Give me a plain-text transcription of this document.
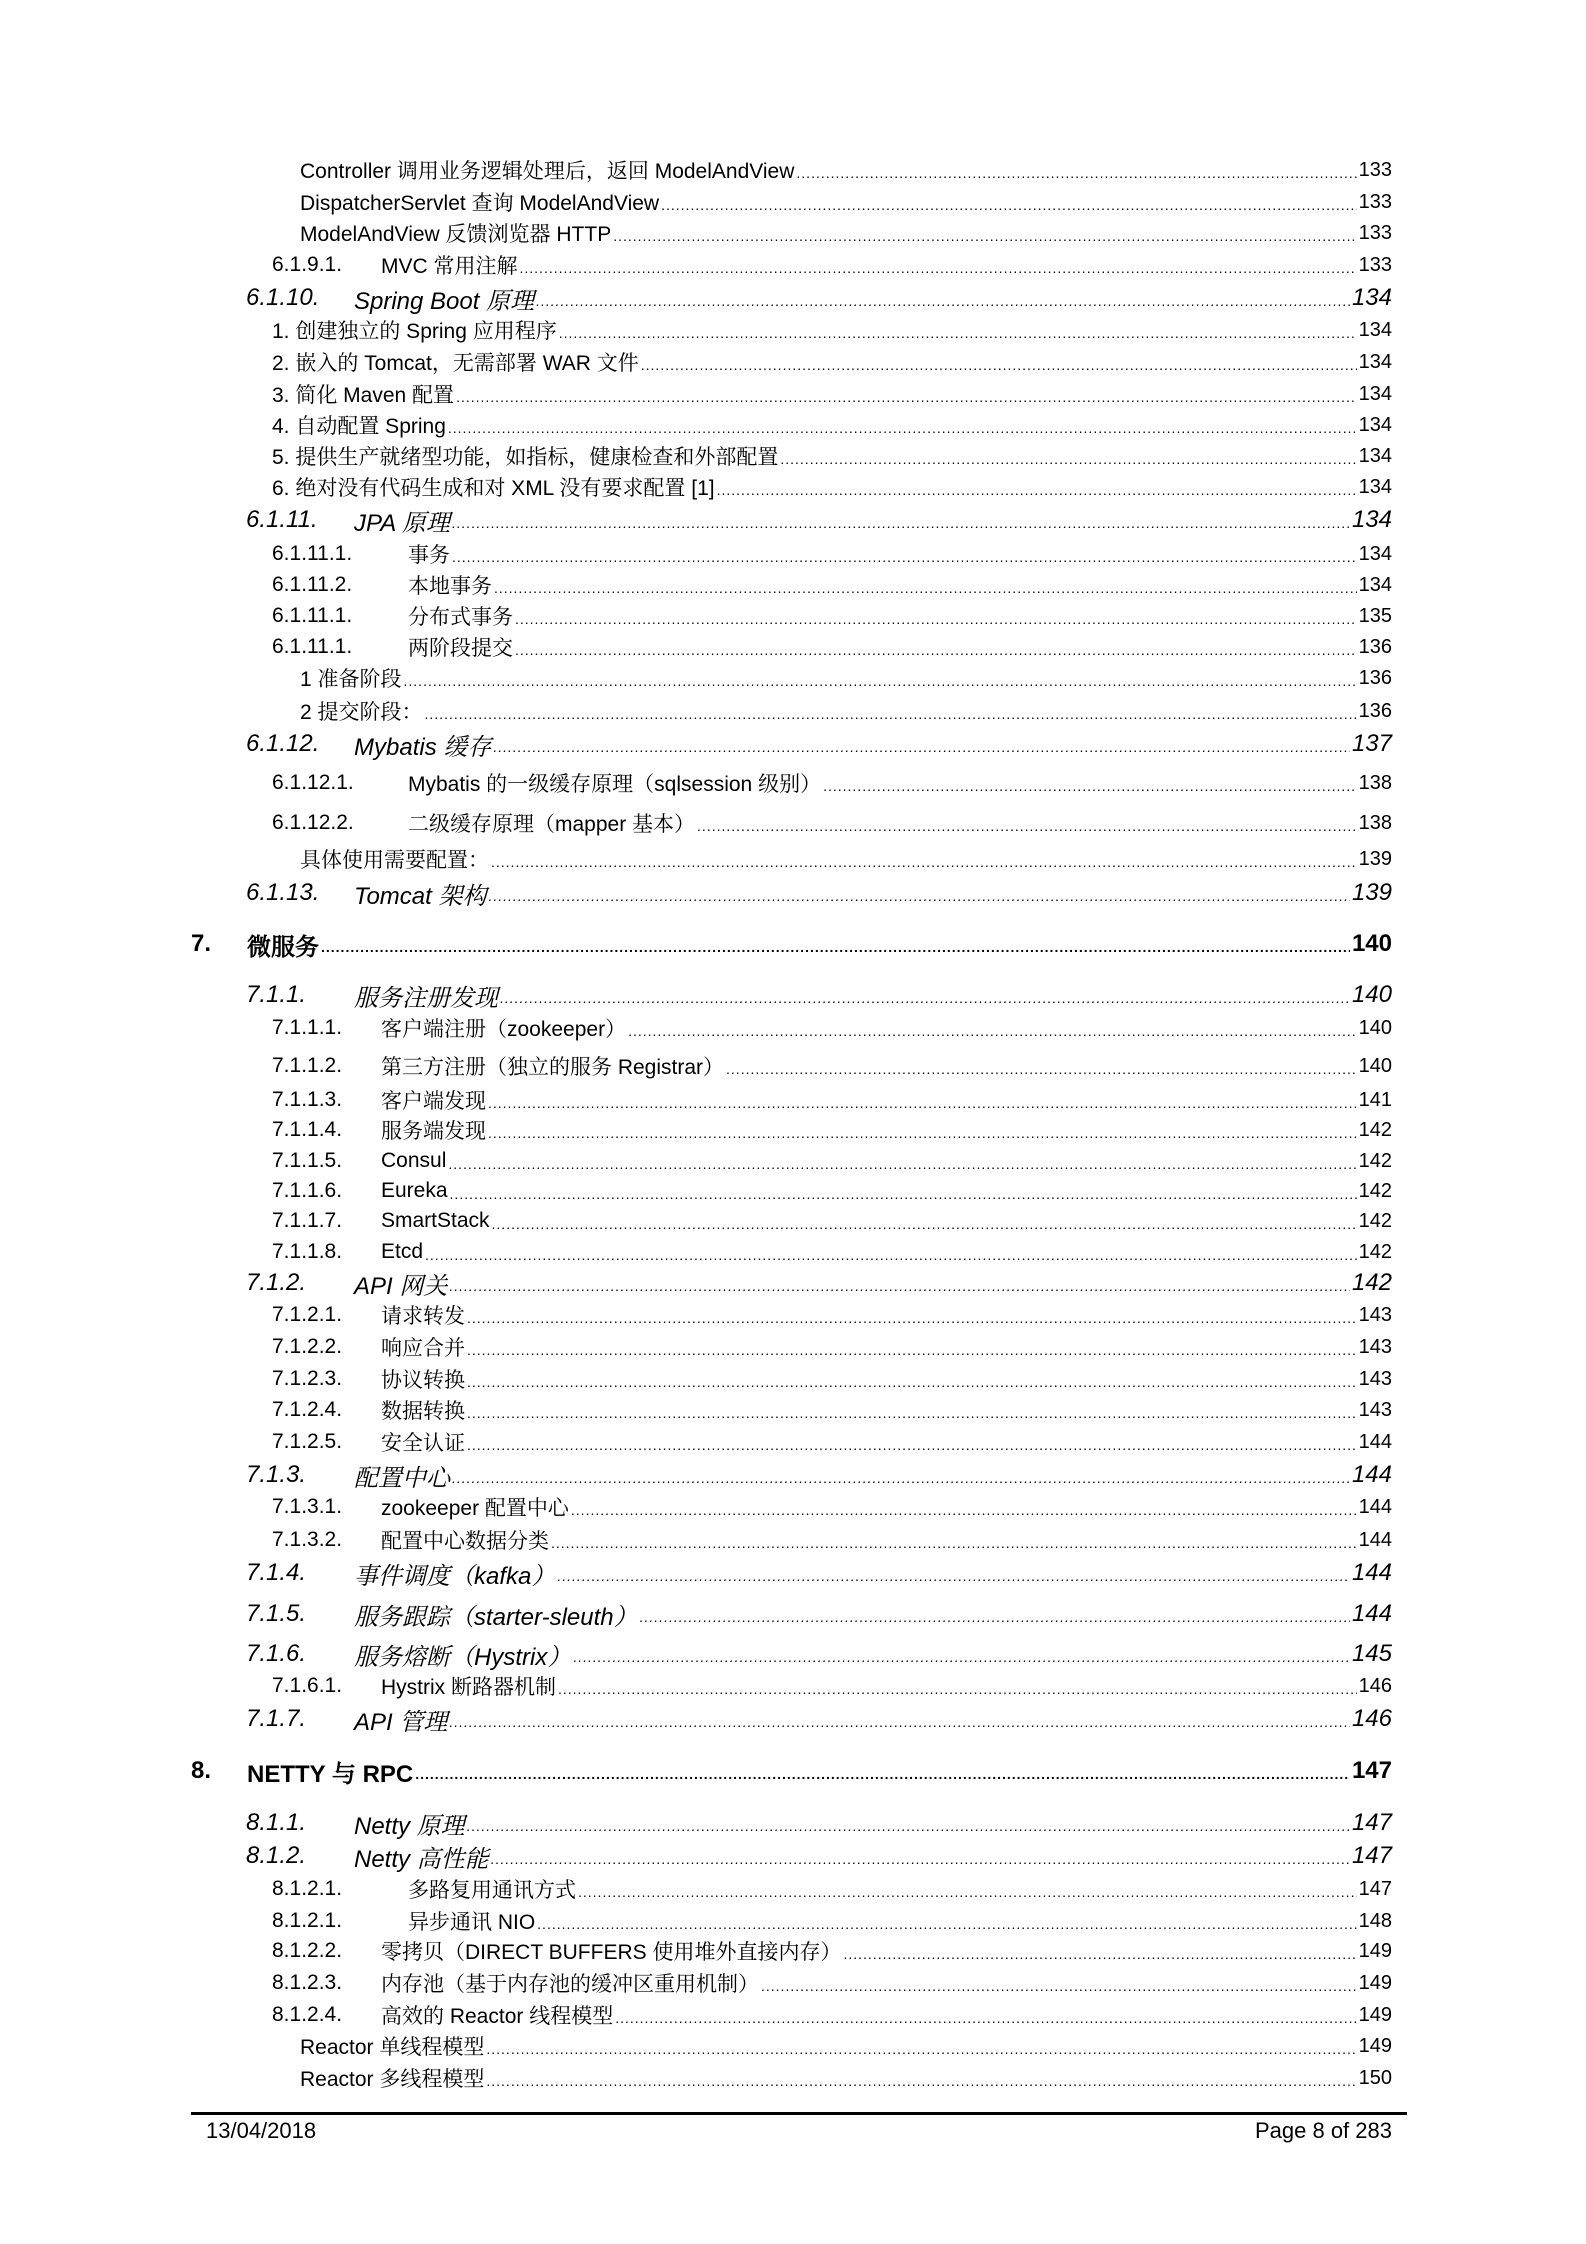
Controller 调用业务逻辑处理后，返回 ModelAndView .....	133
DispatcherServlet 查询 ModelAndView .....	133
ModelAndView 反馈浏览器 HTTP .....	133
6.1.9.1. MVC 常用注解 .....	133
6.1.10. Spring Boot 原理 .....	134
1. 创建独立的 Spring 应用程序 .....	134
2. 嵌入的 Tomcat，无需部署 WAR 文件 .....	134
3. 简化 Maven 配置 .....	134
4. 自动配置 Spring .....	134
5. 提供生产就绪型功能，如指标，健康检查和外部配置 .....	134
6. 绝对没有代码生成和对 XML 没有要求配置 [1] .....	134
6.1.11. JPA 原理 .....	134
6.1.11.1.	事务 .....	134
6.1.11.2.	本地事务 .....	134
6.1.11.1.	分布式事务 .....	135
6.1.11.1.	两阶段提交 .....	136
1 准备阶段 .....	136
2 提交阶段： .....	136
6.1.12. Mybatis 缓存 .....	137
6.1.12.1.	Mybatis 的一级缓存原理（sqlsession 级别） .....	138
6.1.12.2.	二级缓存原理（mapper 基本） .....	138
具体使用需要配置： .....	139
6.1.13. Tomcat 架构 .....	139
7. 微服务 .....	140
7.1.1. 服务注册发现 .....	140
7.1.1.1. 客户端注册（zookeeper） .....	140
7.1.1.2. 第三方注册（独立的服务 Registrar） .....	140
7.1.1.3. 客户端发现 .....	141
7.1.1.4. 服务端发现 .....	142
7.1.1.5. Consul .....	142
7.1.1.6. Eureka .....	142
7.1.1.7. SmartStack .....	142
7.1.1.8. Etcd .....	142
7.1.2. API 网关 .....	142
7.1.2.1. 请求转发 .....	143
7.1.2.2. 响应合并 .....	143
7.1.2.3. 协议转换 .....	143
7.1.2.4. 数据转换 .....	143
7.1.2.5. 安全认证 .....	144
7.1.3. 配置中心 .....	144
7.1.3.1. zookeeper 配置中心 .....	144
7.1.3.2. 配置中心数据分类 .....	144
7.1.4. 事件调度（kafka） .....	144
7.1.5. 服务跟踪（starter-sleuth） .....	144
7.1.6. 服务熔断（Hystrix） .....	145
7.1.6.1. Hystrix 断路器机制 .....	146
7.1.7. API 管理 .....	146
8. NETTY 与 RPC .....	147
8.1.1. Netty 原理 .....	147
8.1.2. Netty 高性能 .....	147
8.1.2.1.	多路复用通讯方式 .....	147
8.1.2.1.	异步通讯 NIO .....	148
8.1.2.2. 零拷贝（DIRECT BUFFERS 使用堆外直接内存） .....	149
8.1.2.3. 内存池（基于内存池的缓冲区重用机制） .....	149
8.1.2.4. 高效的 Reactor 线程模型 .....	149
Reactor 单线程模型 .....	149
Reactor 多线程模型 .....	150
13/04/2018	Page 8 of 283
